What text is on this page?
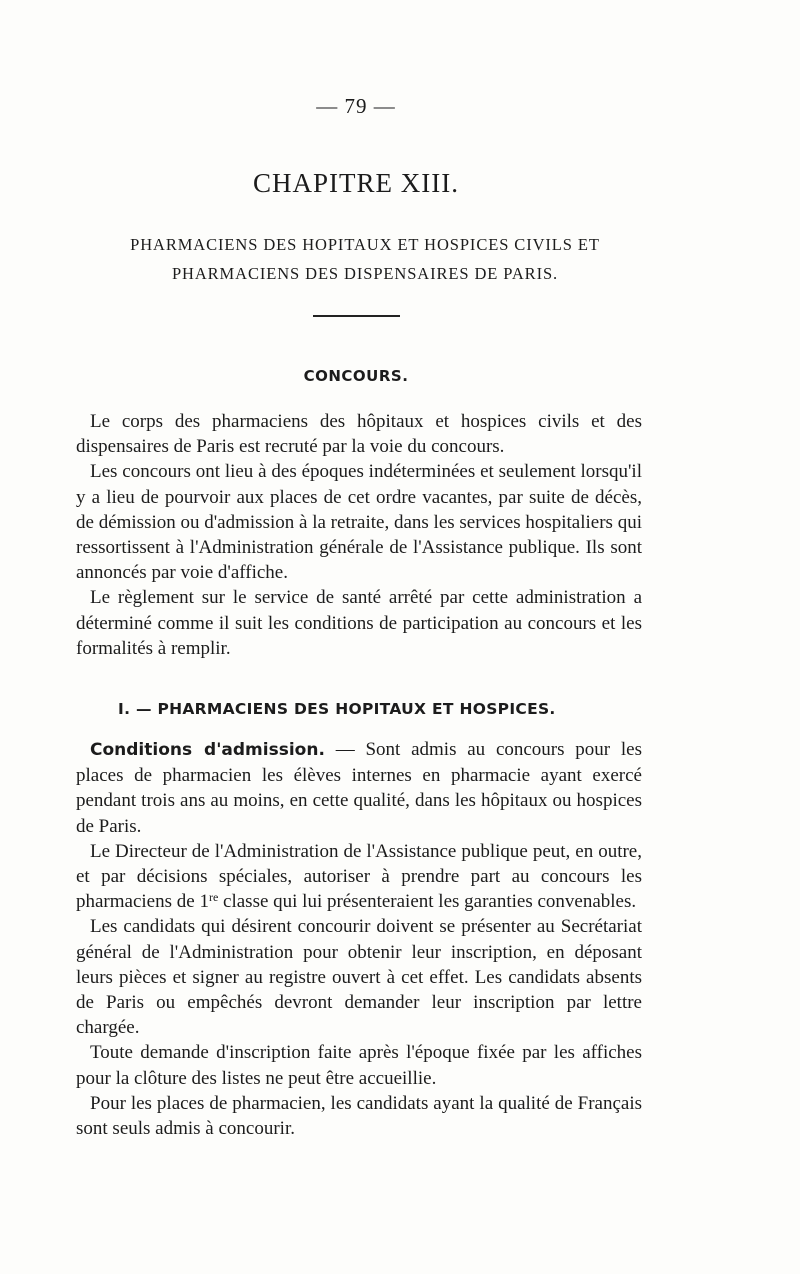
— 79 —
CHAPITRE XIII.
PHARMACIENS DES HOPITAUX ET HOSPICES CIVILS ET
PHARMACIENS DES DISPENSAIRES DE PARIS.
CONCOURS.

Le corps des pharmaciens des hôpitaux et hospices civils et des dispensaires de Paris est recruté par la voie du concours.

Les concours ont lieu à des époques indéterminées et seulement lorsqu'il y a lieu de pourvoir aux places de cet ordre vacantes, par suite de décès, de démission ou d'admission à la retraite, dans les services hospitaliers qui ressortissent à l'Administration générale de l'Assistance publique. Ils sont annoncés par voie d'affiche.

Le règlement sur le service de santé arrêté par cette administration a déterminé comme il suit les conditions de participation au concours et les formalités à remplir.

I. — PHARMACIENS DES HOPITAUX ET HOSPICES.

Conditions d'admission. — Sont admis au concours pour les places de pharmacien les élèves internes en pharmacie ayant exercé pendant trois ans au moins, en cette qualité, dans les hôpitaux ou hospices de Paris.

Le Directeur de l'Administration de l'Assistance publique peut, en outre, et par décisions spéciales, autoriser à prendre part au concours les pharmaciens de 1re classe qui lui présenteraient les garanties convenables.

Les candidats qui désirent concourir doivent se présenter au Secrétariat général de l'Administration pour obtenir leur inscription, en déposant leurs pièces et signer au registre ouvert à cet effet. Les candidats absents de Paris ou empêchés devront demander leur inscription par lettre chargée.

Toute demande d'inscription faite après l'époque fixée par les affiches pour la clôture des listes ne peut être accueillie.

Pour les places de pharmacien, les candidats ayant la qualité de Français sont seuls admis à concourir.
